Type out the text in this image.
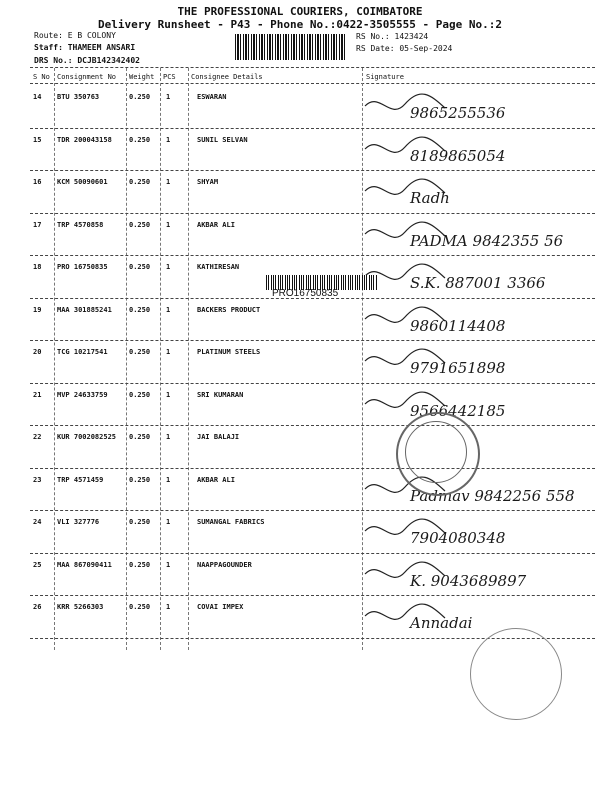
THE PROFESSIONAL COURIERS, COIMBATORE
Delivery Runsheet - P43 - Phone No.:0422-3505555 - Page No.:2
Route: E B COLONY
Staff: THAMEEM ANSARI
DRS No.: DCJB142342402
RS No.: 1423424
RS Date: 05-Sep-2024
S No Consignment No Weight PCS Consignee Details	Signature
14 BTU 350763	0.250 1	ESWARAN
9865255536
15 TDR 200043158 0.250 1	SUNIL SELVAN
8189865054
16 KCM 50090601	0.250 1	SHYAM
Radh
17 TRP 4570858	0.250 1	AKBAR ALI
PADMA 9842355 56
18 PRO 16750835	0.250 1	KATHIRESAN
S.K. 887001 3366
19 MAA 301885241 0.250 1	BACKERS PRODUCT
9860114408
20 TCG 10217541	0.250 1	PLATINUM STEELS
9791651898
21 MVP 24633759	0.250 1	SRI KUMARAN
9566442185
22 KUR 7002082525 0.250 1	JAI BALAJI
23 TRP 4571459	0.250 1	AKBAR ALI
Padmav 9842256 558
24 VLI 327776	0.250 1	SUMANGAL FABRICS
7904080348
25 MAA 867090411 0.250 1	NAAPPAGOUNDER
K. 9043689897
26 KRR 5266303	0.250 1	COVAI IMPEX
Annadai
PRO16750835
